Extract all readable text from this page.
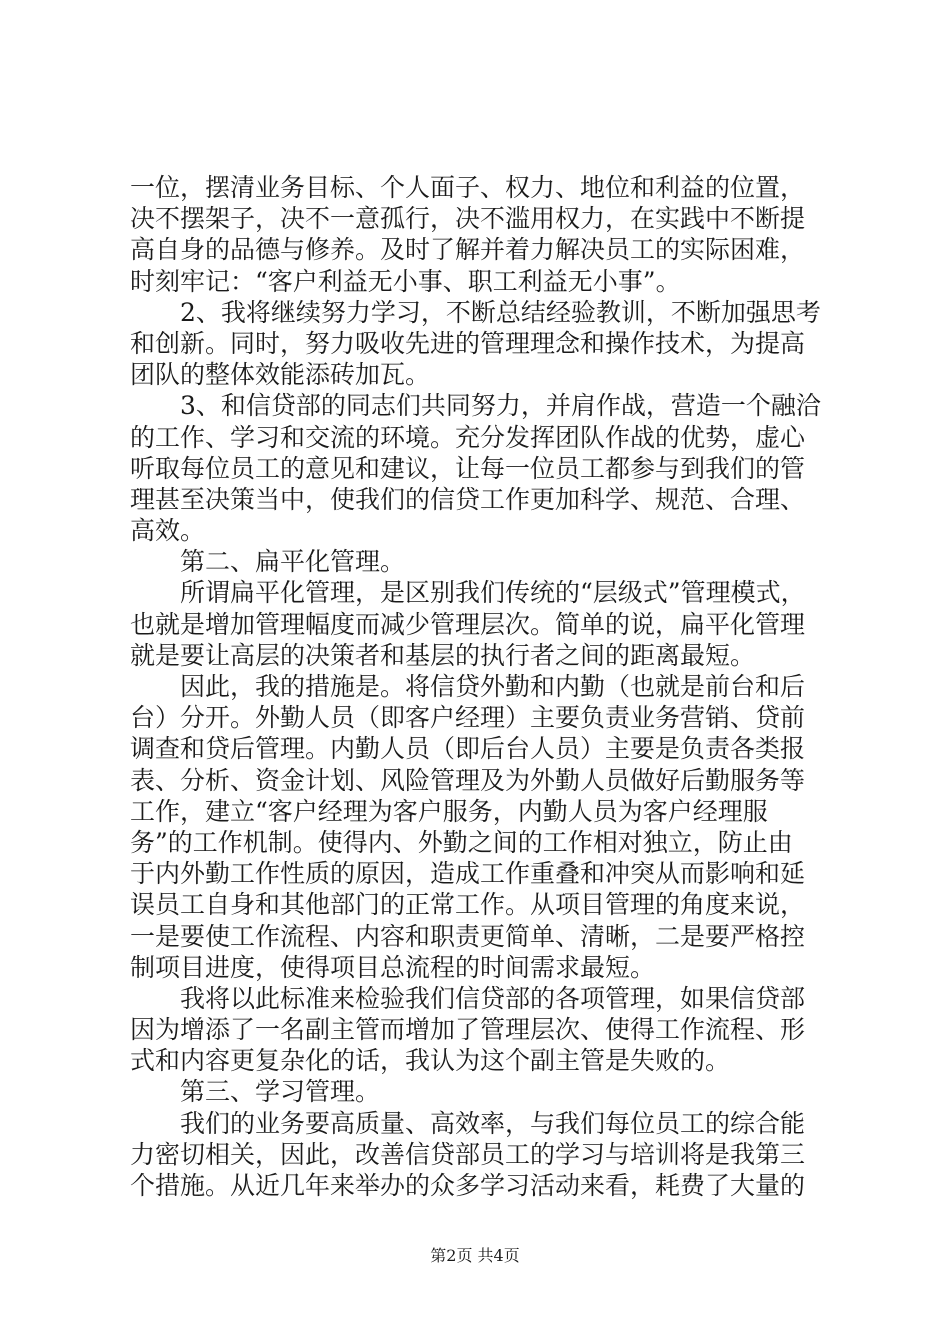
一位，摆清业务目标、个人面子、权力、地位和利益的位置，
决不摆架子，决不一意孤行，决不滥用权力，在实践中不断提
高自身的品德与修养。及时了解并着力解决员工的实际困难，
时刻牢记：“客户利益无小事、职工利益无小事”。
2、我将继续努力学习，不断总结经验教训，不断加强思考
和创新。同时，努力吸收先进的管理理念和操作技术，为提高
团队的整体效能添砖加瓦。
3、和信贷部的同志们共同努力，并肩作战，营造一个融洽
的工作、学习和交流的环境。充分发挥团队作战的优势，虚心
听取每位员工的意见和建议，让每一位员工都参与到我们的管
理甚至决策当中，使我们的信贷工作更加科学、规范、合理、
高效。
第二、扁平化管理。
所谓扁平化管理，是区别我们传统的“层级式”管理模式，
也就是增加管理幅度而减少管理层次。简单的说，扁平化管理
就是要让高层的决策者和基层的执行者之间的距离最短。
因此，我的措施是。将信贷外勤和内勤（也就是前台和后
台）分开。外勤人员（即客户经理）主要负责业务营销、贷前
调查和贷后管理。内勤人员（即后台人员）主要是负责各类报
表、分析、资金计划、风险管理及为外勤人员做好后勤服务等
工作，建立“客户经理为客户服务，内勤人员为客户经理服
务”的工作机制。使得内、外勤之间的工作相对独立，防止由
于内外勤工作性质的原因，造成工作重叠和冲突从而影响和延
误员工自身和其他部门的正常工作。从项目管理的角度来说，
一是要使工作流程、内容和职责更简单、清晰，二是要严格控
制项目进度，使得项目总流程的时间需求最短。
我将以此标准来检验我们信贷部的各项管理，如果信贷部
因为增添了一名副主管而增加了管理层次、使得工作流程、形
式和内容更复杂化的话，我认为这个副主管是失败的。
第三、学习管理。
我们的业务要高质量、高效率，与我们每位员工的综合能
力密切相关，因此，改善信贷部员工的学习与培训将是我第三
个措施。从近几年来举办的众多学习活动来看，耗费了大量的
第2页 共4页
